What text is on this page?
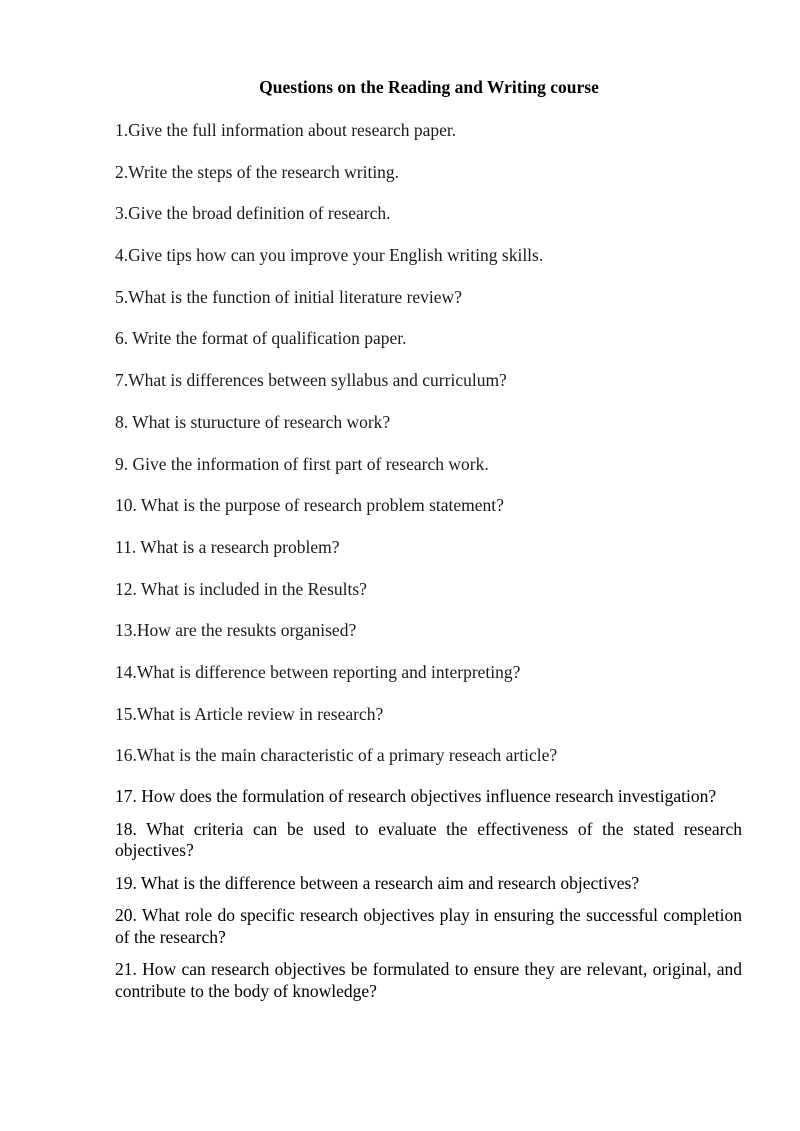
Questions on the Reading and Writing course
1.Give the full information about research paper.
2.Write the steps of the research writing.
3.Give the broad definition of research.
4.Give tips how can you improve your English writing skills.
5.What is the function of initial literature review?
6. Write the format of qualification paper.
7.What is differences between syllabus and curriculum?
8. What is sturucture of research work?
9. Give the information of first part of research work.
10. What is the purpose of research problem statement?
11. What is a research problem?
12. What is included in the Results?
13.How are the resukts organised?
14.What is difference between reporting and interpreting?
15.What is Article review in research?
16.What is the main characteristic of a primary reseach article?
17. How does the formulation of research objectives influence research investigation?
18. What criteria can be used to evaluate the effectiveness of the stated research objectives?
19. What is the difference between a research aim and research objectives?
20. What role do specific research objectives play in ensuring the successful completion of the research?
21. How can research objectives be formulated to ensure they are relevant, original, and contribute to the body of knowledge?
